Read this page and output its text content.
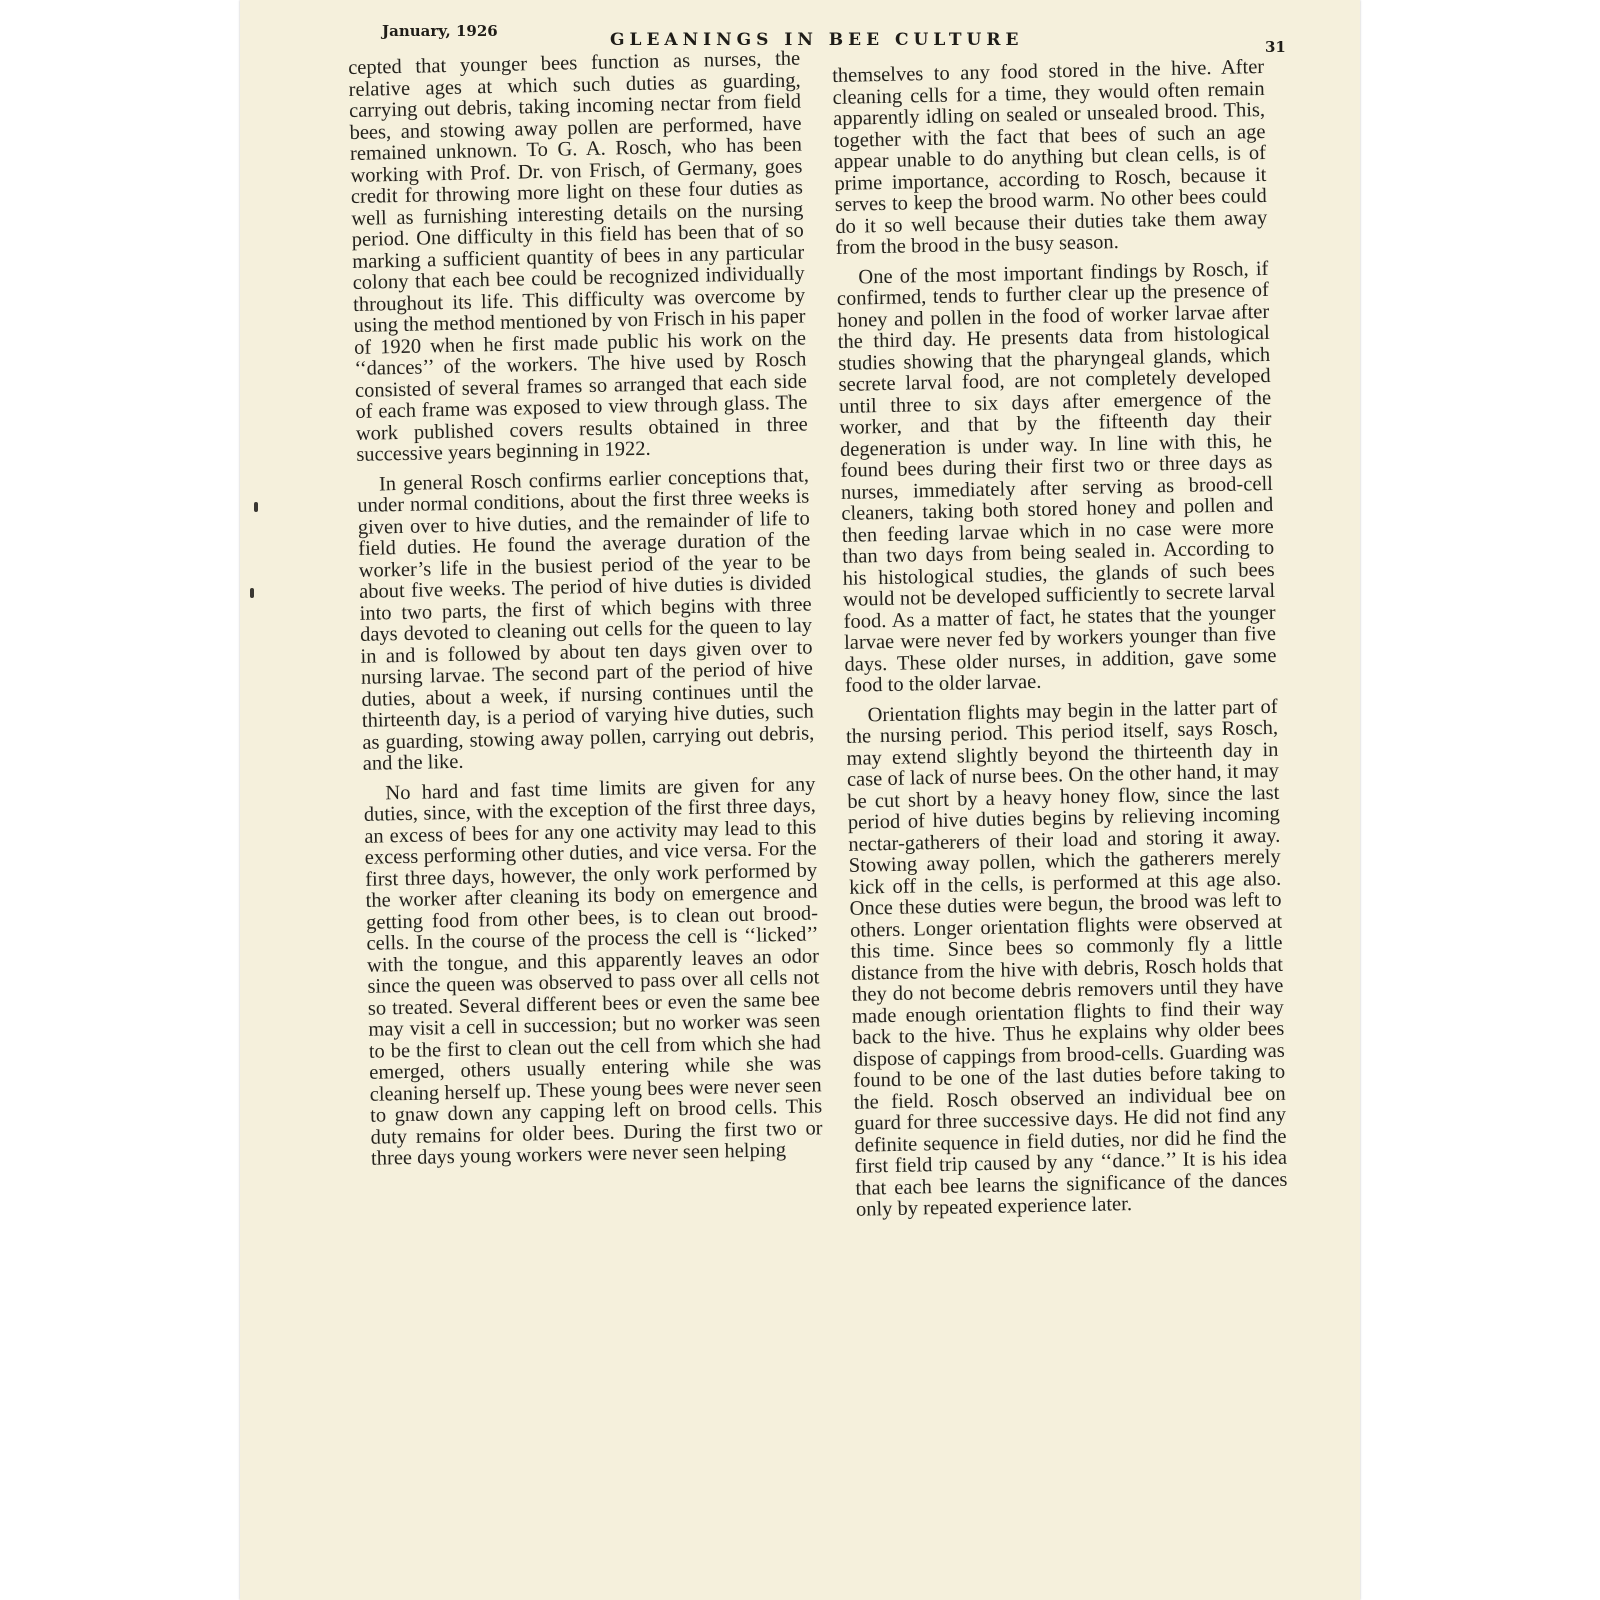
January, 1926	GLEANINGS IN BEE CULTURE	31

cepted that younger bees function as nurses, the relative ages at which such duties as guarding, carrying out debris, taking incoming nectar from field bees, and stowing away pollen are performed, have remained unknown. To G. A. Rosch, who has been working with Prof. Dr. von Frisch, of Germany, goes credit for throwing more light on these four duties as well as furnishing interesting details on the nursing period. One difficulty in this field has been that of so marking a sufficient quantity of bees in any particular colony that each bee could be recognized individually throughout its life. This difficulty was overcome by using the method mentioned by von Frisch in his paper of 1920 when he first made public his work on the ‘‘dances’’ of the workers. The hive used by Rosch consisted of several frames so arranged that each side of each frame was exposed to view through glass. The work published covers results obtained in three successive years beginning in 1922.

In general Rosch confirms earlier conceptions that, under normal conditions, about the first three weeks is given over to hive duties, and the remainder of life to field duties. He found the average duration of the worker’s life in the busiest period of the year to be about five weeks. The period of hive duties is divided into two parts, the first of which begins with three days devoted to cleaning out cells for the queen to lay in and is followed by about ten days given over to nursing larvae. The second part of the period of hive duties, about a week, if nursing continues until the thirteenth day, is a period of varying hive duties, such as guarding, stowing away pollen, carrying out debris, and the like.

No hard and fast time limits are given for any duties, since, with the exception of the first three days, an excess of bees for any one activity may lead to this excess performing other duties, and vice versa. For the first three days, however, the only work performed by the worker after cleaning its body on emergence and getting food from other bees, is to clean out brood-cells. In the course of the process the cell is ‘‘licked’’ with the tongue, and this apparently leaves an odor since the queen was observed to pass over all cells not so treated. Several different bees or even the same bee may visit a cell in succession; but no worker was seen to be the first to clean out the cell from which she had emerged, others usually entering while she was cleaning herself up. These young bees were never seen to gnaw down any capping left on brood cells. This duty remains for older bees. During the first two or three days young workers were never seen helping

themselves to any food stored in the hive. After cleaning cells for a time, they would often remain apparently idling on sealed or unsealed brood. This, together with the fact that bees of such an age appear unable to do anything but clean cells, is of prime importance, according to Rosch, because it serves to keep the brood warm. No other bees could do it so well because their duties take them away from the brood in the busy season.

One of the most important findings by Rosch, if confirmed, tends to further clear up the presence of honey and pollen in the food of worker larvae after the third day. He presents data from histological studies showing that the pharyngeal glands, which secrete larval food, are not completely developed until three to six days after emergence of the worker, and that by the fifteenth day their degeneration is under way. In line with this, he found bees during their first two or three days as nurses, immediately after serving as brood-cell cleaners, taking both stored honey and pollen and then feeding larvae which in no case were more than two days from being sealed in. According to his histological studies, the glands of such bees would not be developed sufficiently to secrete larval food. As a matter of fact, he states that the younger larvae were never fed by workers younger than five days. These older nurses, in addition, gave some food to the older larvae.

Orientation flights may begin in the latter part of the nursing period. This period itself, says Rosch, may extend slightly beyond the thirteenth day in case of lack of nurse bees. On the other hand, it may be cut short by a heavy honey flow, since the last period of hive duties begins by relieving incoming nectar-gatherers of their load and storing it away. Stowing away pollen, which the gatherers merely kick off in the cells, is performed at this age also. Once these duties were begun, the brood was left to others. Longer orientation flights were observed at this time. Since bees so commonly fly a little distance from the hive with debris, Rosch holds that they do not become debris removers until they have made enough orientation flights to find their way back to the hive. Thus he explains why older bees dispose of cappings from brood-cells. Guarding was found to be one of the last duties before taking to the field. Rosch observed an individual bee on guard for three successive days. He did not find any definite sequence in field duties, nor did he find the first field trip caused by any ‘‘dance.’’ It is his idea that each bee learns the significance of the dances only by repeated experience later.
